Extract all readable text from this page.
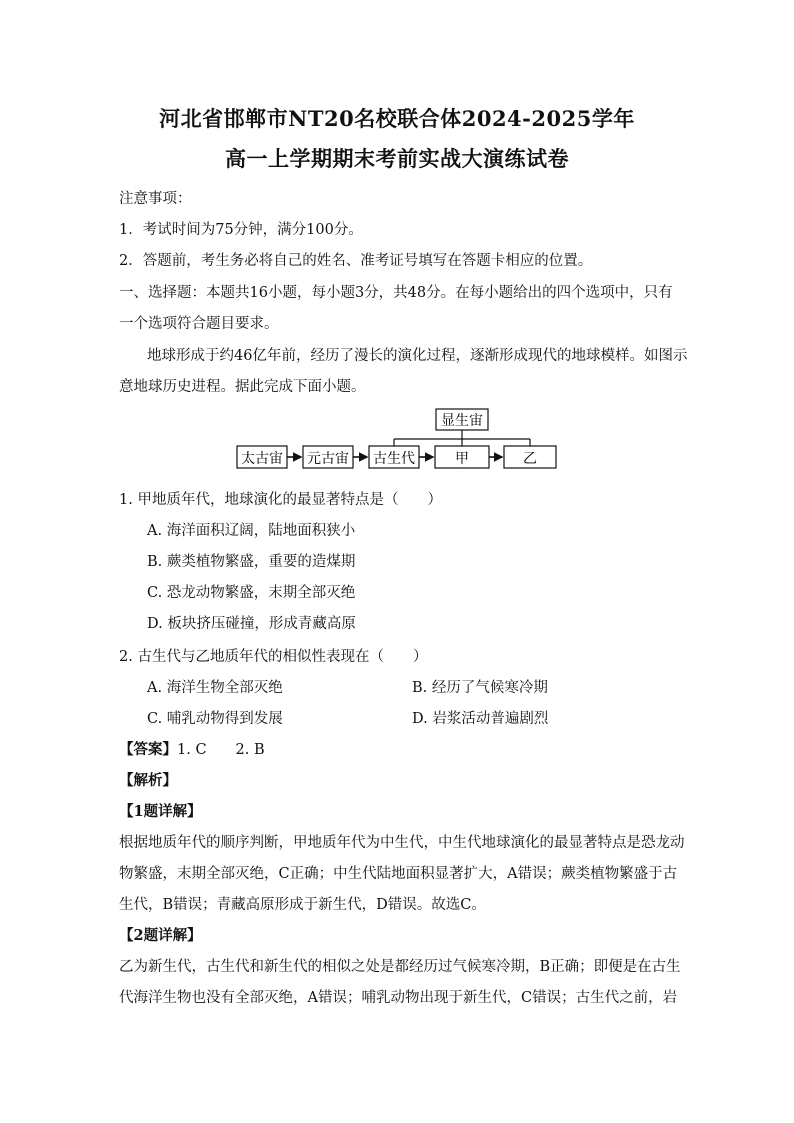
河北省邯郸市NT20名校联合体2024-2025学年
高一上学期期末考前实战大演练试卷
注意事项：
1．考试时间为75分钟，满分100分。
2．答题前，考生务必将自己的姓名、准考证号填写在答题卡相应的位置。
一、选择题：本题共16小题，每小题3分，共48分。在每小题给出的四个选项中，只有
一个选项符合题目要求。
地球形成于约46亿年前，经历了漫长的演化过程，逐渐形成现代的地球模样。如图示
意地球历史进程。据此完成下面小题。
显生宙
太古宙 元古宙 古生代	甲	乙
1. 甲地质年代，地球演化的最显著特点是（　　）
A. 海洋面积辽阔，陆地面积狭小
B. 蕨类植物繁盛，重要的造煤期
C. 恐龙动物繁盛，末期全部灭绝
D. 板块挤压碰撞，形成青藏高原
2. 古生代与乙地质年代的相似性表现在（　　）
A. 海洋生物全部灭绝	B. 经历了气候寒冷期
C. 哺乳动物得到发展	D. 岩浆活动普遍剧烈
【答案】1. C　　2. B
【解析】
【1题详解】
根据地质年代的顺序判断，甲地质年代为中生代，中生代地球演化的最显著特点是恐龙动
物繁盛，末期全部灭绝，C正确；中生代陆地面积显著扩大，A错误；蕨类植物繁盛于古
生代，B错误；青藏高原形成于新生代，D错误。故选C。
【2题详解】
乙为新生代，古生代和新生代的相似之处是都经历过气候寒冷期，B正确；即便是在古生
代海洋生物也没有全部灭绝，A错误；哺乳动物出现于新生代，C错误；古生代之前，岩
